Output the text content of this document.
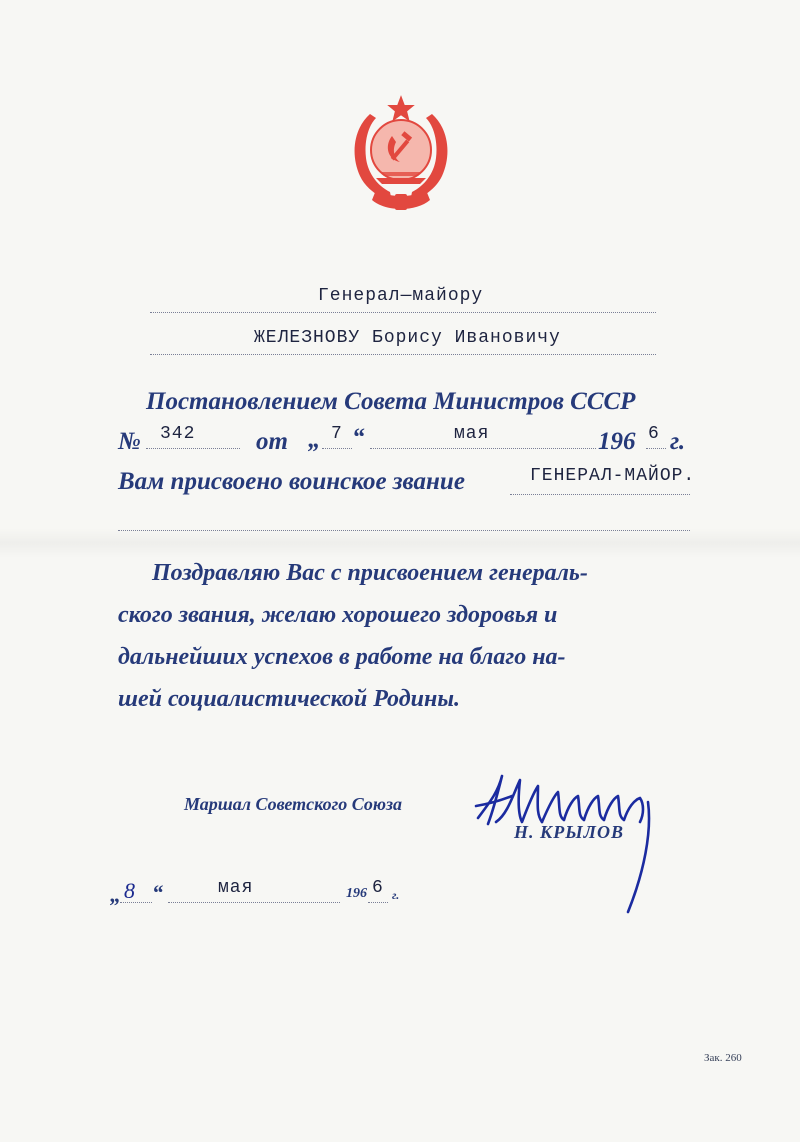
Генерал—майору
ЖЕЛЕЗНОВУ Борису Ивановичу
Постановлением Совета Министров СССР
№ 342 от „ 7 “	мая	196 6 г.
Вам присвоено воинское звание	ГЕНЕРАЛ-МАЙОР.
Поздравляю Вас с присвоением генераль-
ского звания, желаю хорошего здоровья и
дальнейших успехов в работе на благо на-
шей социалистической Родины.
Маршал Советского Союза
Н. КРЫЛОВ
„ 8 “	мая	196 6 г.
Зак. 260
